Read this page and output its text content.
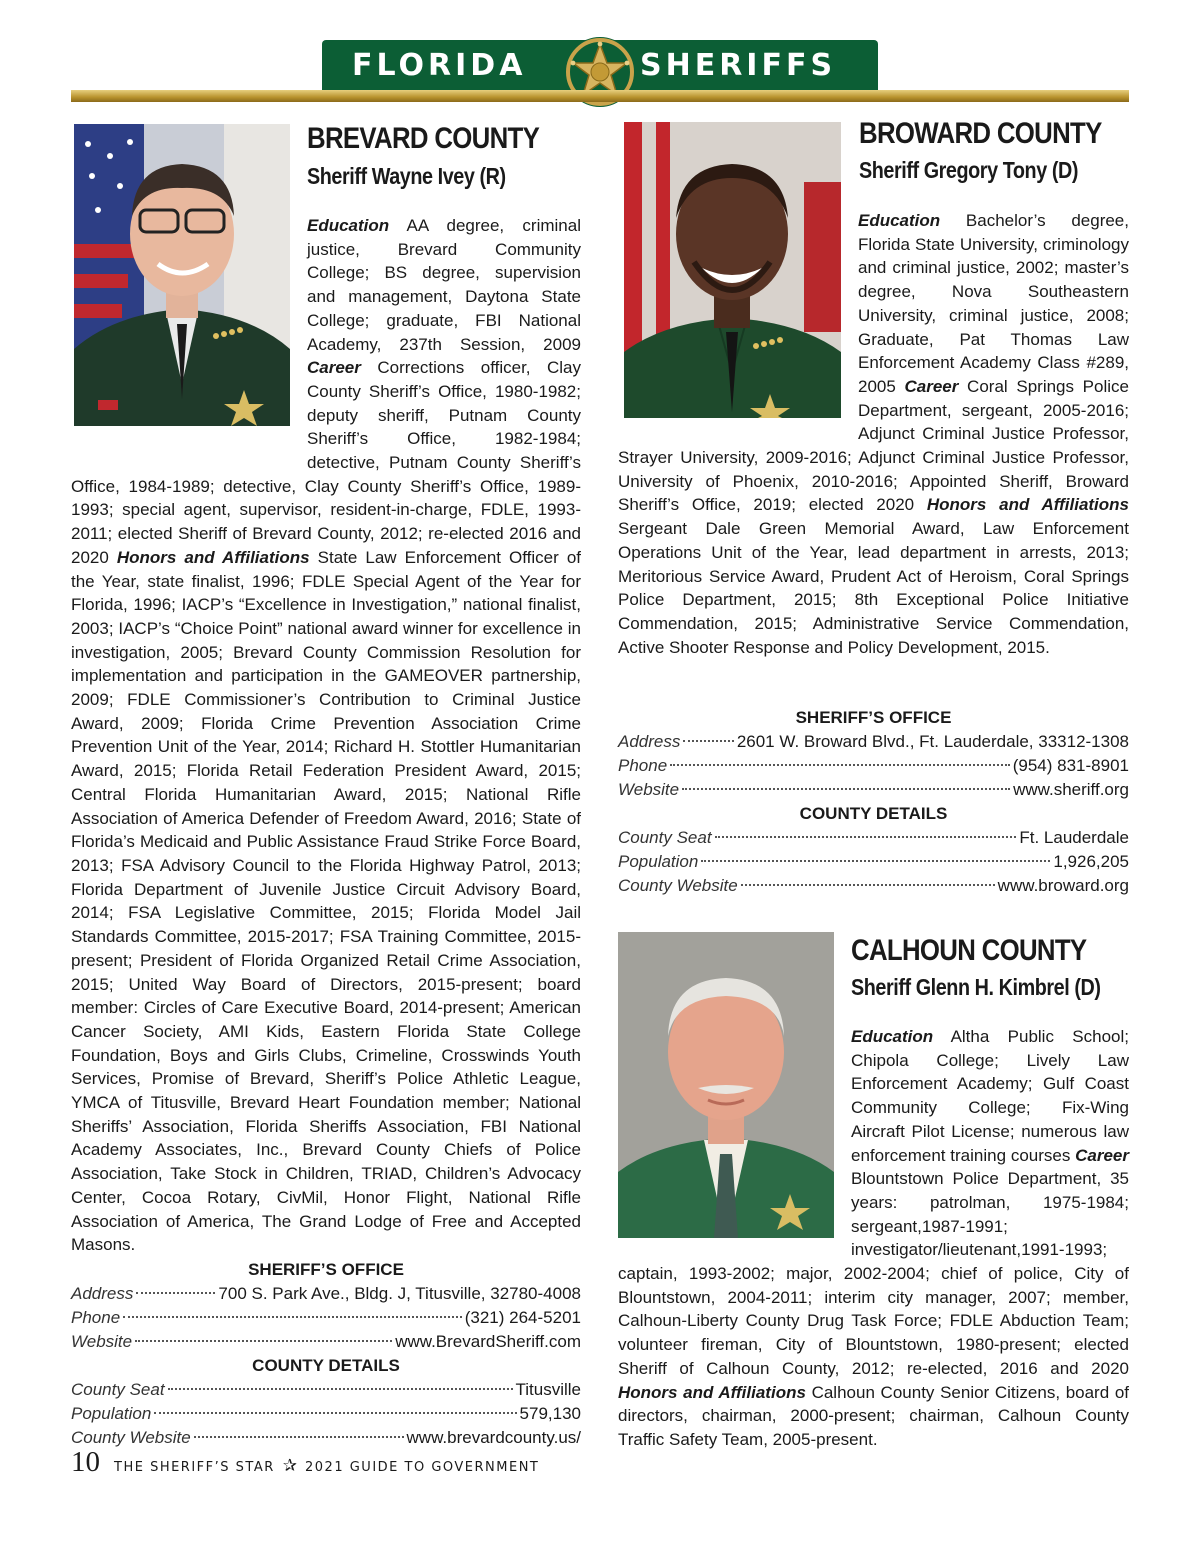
FLORIDA	SHERIFFS
BREVARD COUNTY
Sheriff Wayne Ivey (R)
Education AA degree, criminal justice, Brevard Community College; BS degree, supervision and management, Daytona State College; graduate, FBI National Academy, 237th Session, 2009 Career Corrections officer, Clay County Sheriff’s Office, 1980-1982; deputy sheriff, Putnam County Sheriff’s Office, 1982-1984; detective, Putnam County Sheriff’s Office, 1984-1989; detective, Clay County Sheriff’s Office, 1989-1993; special agent, supervisor, resident-in-charge, FDLE, 1993-2011; elected Sheriff of Brevard County, 2012; re-elected 2016 and 2020 Honors and Affiliations State Law Enforcement Officer of the Year, state finalist, 1996; FDLE Special Agent of the Year for Florida, 1996; IACP’s “Excellence in Investigation,” national finalist, 2003; IACP’s “Choice Point” national award winner for excellence in investigation, 2005; Brevard County Commission Resolution for implementation and participation in the GAMEOVER partnership, 2009; FDLE Commissioner’s Contribution to Criminal Justice Award, 2009; Florida Crime Prevention Association Crime Prevention Unit of the Year, 2014; Richard H. Stottler Humanitarian Award, 2015; Florida Retail Federation President Award, 2015; Central Florida Humanitarian Award, 2015; National Rifle Association of America Defender of Freedom Award, 2016; State of Florida’s Medicaid and Public Assistance Fraud Strike Force Board, 2013; FSA Advisory Council to the Florida Highway Patrol, 2013; Florida Department of Juvenile Justice Circuit Advisory Board, 2014; FSA Legislative Committee, 2015; Florida Model Jail Standards Committee, 2015-2017; FSA Training Committee, 2015-present; President of Florida Organized Retail Crime Association, 2015; United Way Board of Directors, 2015-present; board member: Circles of Care Executive Board, 2014-present; American Cancer Society, AMI Kids, Eastern Florida State College Foundation, Boys and Girls Clubs, Crimeline, Crosswinds Youth Services, Promise of Brevard, Sheriff’s Police Athletic League, YMCA of Titusville, Brevard Heart Foundation member; National Sheriffs’ Association, Florida Sheriffs Association, FBI National Academy Associates, Inc., Brevard County Chiefs of Police Association, Take Stock in Children, TRIAD, Children’s Advocacy Center, Cocoa Rotary, CivMil, Honor Flight, National Rifle Association of America, The Grand Lodge of Free and Accepted Masons.
SHERIFF’S OFFICE
Address	700 S. Park Ave., Bldg. J, Titusville, 32780-4008
Phone	(321) 264-5201
Website	www.BrevardSheriff.com
COUNTY DETAILS
County Seat	Titusville
Population	579,130
County Website	www.brevardcounty.us/
BROWARD COUNTY
Sheriff Gregory Tony (D)
Education Bachelor’s degree, Florida State University, criminology and criminal justice, 2002; master’s degree, Nova Southeastern University, criminal justice, 2008; Graduate, Pat Thomas Law Enforcement Academy Class #289, 2005 Career Coral Springs Police Department, sergeant, 2005-2016; Adjunct Criminal Justice Professor, Strayer University, 2009-2016; Adjunct Criminal Justice Professor, University of Phoenix, 2010-2016; Appointed Sheriff, Broward Sheriff’s Office, 2019; elected 2020 Honors and Affiliations Sergeant Dale Green Memorial Award, Law Enforcement Operations Unit of the Year, lead department in arrests, 2013; Meritorious Service Award, Prudent Act of Heroism, Coral Springs Police Department, 2015; 8th Exceptional Police Initiative Commendation, 2015; Administrative Service Commendation, Active Shooter Response and Policy Development, 2015.
SHERIFF’S OFFICE
Address	2601 W. Broward Blvd., Ft. Lauderdale, 33312-1308
Phone	(954) 831-8901
Website	www.sheriff.org
COUNTY DETAILS
County Seat	Ft. Lauderdale
Population	1,926,205
County Website	www.broward.org
CALHOUN COUNTY
Sheriff Glenn H. Kimbrel (D)
Education Altha Public School; Chipola College; Lively Law Enforcement Academy; Gulf Coast Community College; Fix-Wing Aircraft Pilot License; numerous law enforcement training courses Career Blountstown Police Department, 35 years: patrolman, 1975-1984; sergeant,1987-1991; investigator/lieutenant,1991-1993; captain, 1993-2002; major, 2002-2004; chief of police, City of Blountstown, 2004-2011; interim city manager, 2007; member, Calhoun-Liberty County Drug Task Force; FDLE Abduction Team; volunteer fireman, City of Blountstown, 1980-present; elected Sheriff of Calhoun County, 2012; re-elected, 2016 and 2020 Honors and Affiliations Calhoun County Senior Citizens, board of directors, chairman, 2000-present; chairman, Calhoun County Traffic Safety Team, 2005-present.
10 THE SHERIFF’S STAR ✰ 2021 GUIDE TO GOVERNMENT
